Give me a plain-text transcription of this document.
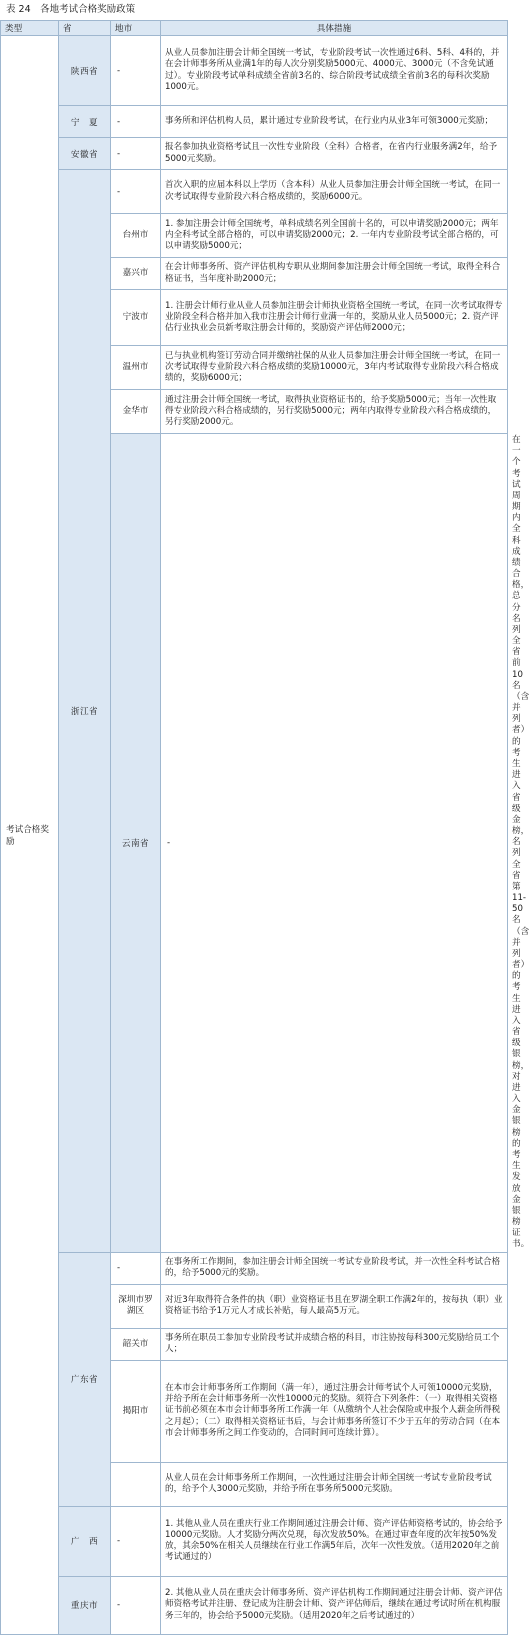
表 24　各地考试合格奖励政策
类型	省	地市	具体措施	
考试合格奖励	陕西省	-	从业人员参加注册会计师全国统一考试，专业阶段考试一次性通过6科、5科、4科的，并在会计师事务所从业满1年的每人次分别奖励5000元、4000元、3000元（不含免试通过）。专业阶段考试单科成绩全省前3名的、综合阶段考试成绩全省前3名的每科次奖励1000元。	
	宁　夏	-	事务所和评估机构人员，累计通过专业阶段考试，在行业内从业3年可领3000元奖励；	
	安徽省	-	报名参加执业资格考试且一次性专业阶段（全科）合格者，在省内行业服务满2年，给予5000元奖励。	
	浙江省	-	首次入职的应届本科以上学历（含本科）从业人员参加注册会计师全国统一考试，在同一次考试取得专业阶段六科合格成绩的，奖励6000元。	
		台州市	1. 参加注册会计师全国统考，单科成绩名列全国前十名的，可以申请奖励2000元；两年内全科考试全部合格的，可以申请奖励2000元；2. 一年内专业阶段考试全部合格的，可以申请奖励5000元；	
		嘉兴市	在会计师事务所、资产评估机构专职从业期间参加注册会计师全国统一考试，取得全科合格证书，当年度补助2000元；	
		宁波市	1. 注册会计师行业从业人员参加注册会计师执业资格全国统一考试，在同一次考试取得专业阶段全科合格并加入我市注册会计师行业满一年的，奖励从业人员5000元；2. 资产评估行业执业会员新考取注册会计师的，奖励资产评估师2000元；	
		温州市	已与执业机构签订劳动合同并缴纳社保的从业人员参加注册会计师全国统一考试，在同一次考试取得专业阶段六科合格成绩的奖励10000元，3年内考试取得专业阶段六科合格成绩的，奖励6000元；	
		金华市	通过注册会计师全国统一考试，取得执业资格证书的，给予奖励5000元；当年一次性取得专业阶段六科合格成绩的，另行奖励5000元；两年内取得专业阶段六科合格成绩的，另行奖励2000元。	
		云南省	-	在一个考试周期内全科成绩合格，总分名列全省前10名（含并列者）的考生进入省级金榜，名列全省第11-50名（含并列者）的考生进入省级银榜，对进入金银榜的考生发放金银榜证书。
	广东省	-	在事务所工作期间，参加注册会计师全国统一考试专业阶段考试，并一次性全科考试合格的，给予5000元的奖励。	
		深圳市罗湖区	对近3年取得符合条件的执（职）业资格证书且在罗湖全职工作满2年的，按每执（职）业资格证书给予1万元人才成长补贴，每人最高5万元。	
		韶关市	事务所在职员工参加专业阶段考试并成绩合格的科目，市注协按每科300元奖励给员工个人；	
		揭阳市	在本市会计师事务所工作期间（满一年），通过注册会计师考试个人可领10000元奖励，并给予所在会计师事务所一次性10000元的奖励。须符合下列条件：（一）取得相关资格证书前必须在本市会计师事务所工作满一年（从缴纳个人社会保险或申报个人薪金所得税之月起）；（二）取得相关资格证书后，与会计师事务所签订不少于五年的劳动合同（在本市会计师事务所之间工作变动的，合同时间可连续计算）。	
			从业人员在会计师事务所工作期间，一次性通过注册会计师全国统一考试专业阶段考试的，给予个人3000元奖励，并给予所在事务所5000元奖励。	
	广　西	-	1. 其他从业人员在重庆行业工作期间通过注册会计师、资产评估师资格考试的，协会给予10000元奖励。人才奖励分两次兑现，每次发放50%。在通过审查年度的次年按50%发放，其余50%在相关人员继续在行业工作满5年后，次年一次性发放。（适用2020年之前考试通过的）	
	重庆市	-	2. 其他从业人员在重庆会计师事务所、资产评估机构工作期间通过注册会计师、资产评估师资格考试并注册、登记成为注册会计师、资产评估师后，继续在通过考试时所在机构服务三年的，协会给予5000元奖励。（适用2020年之后考试通过的）	
